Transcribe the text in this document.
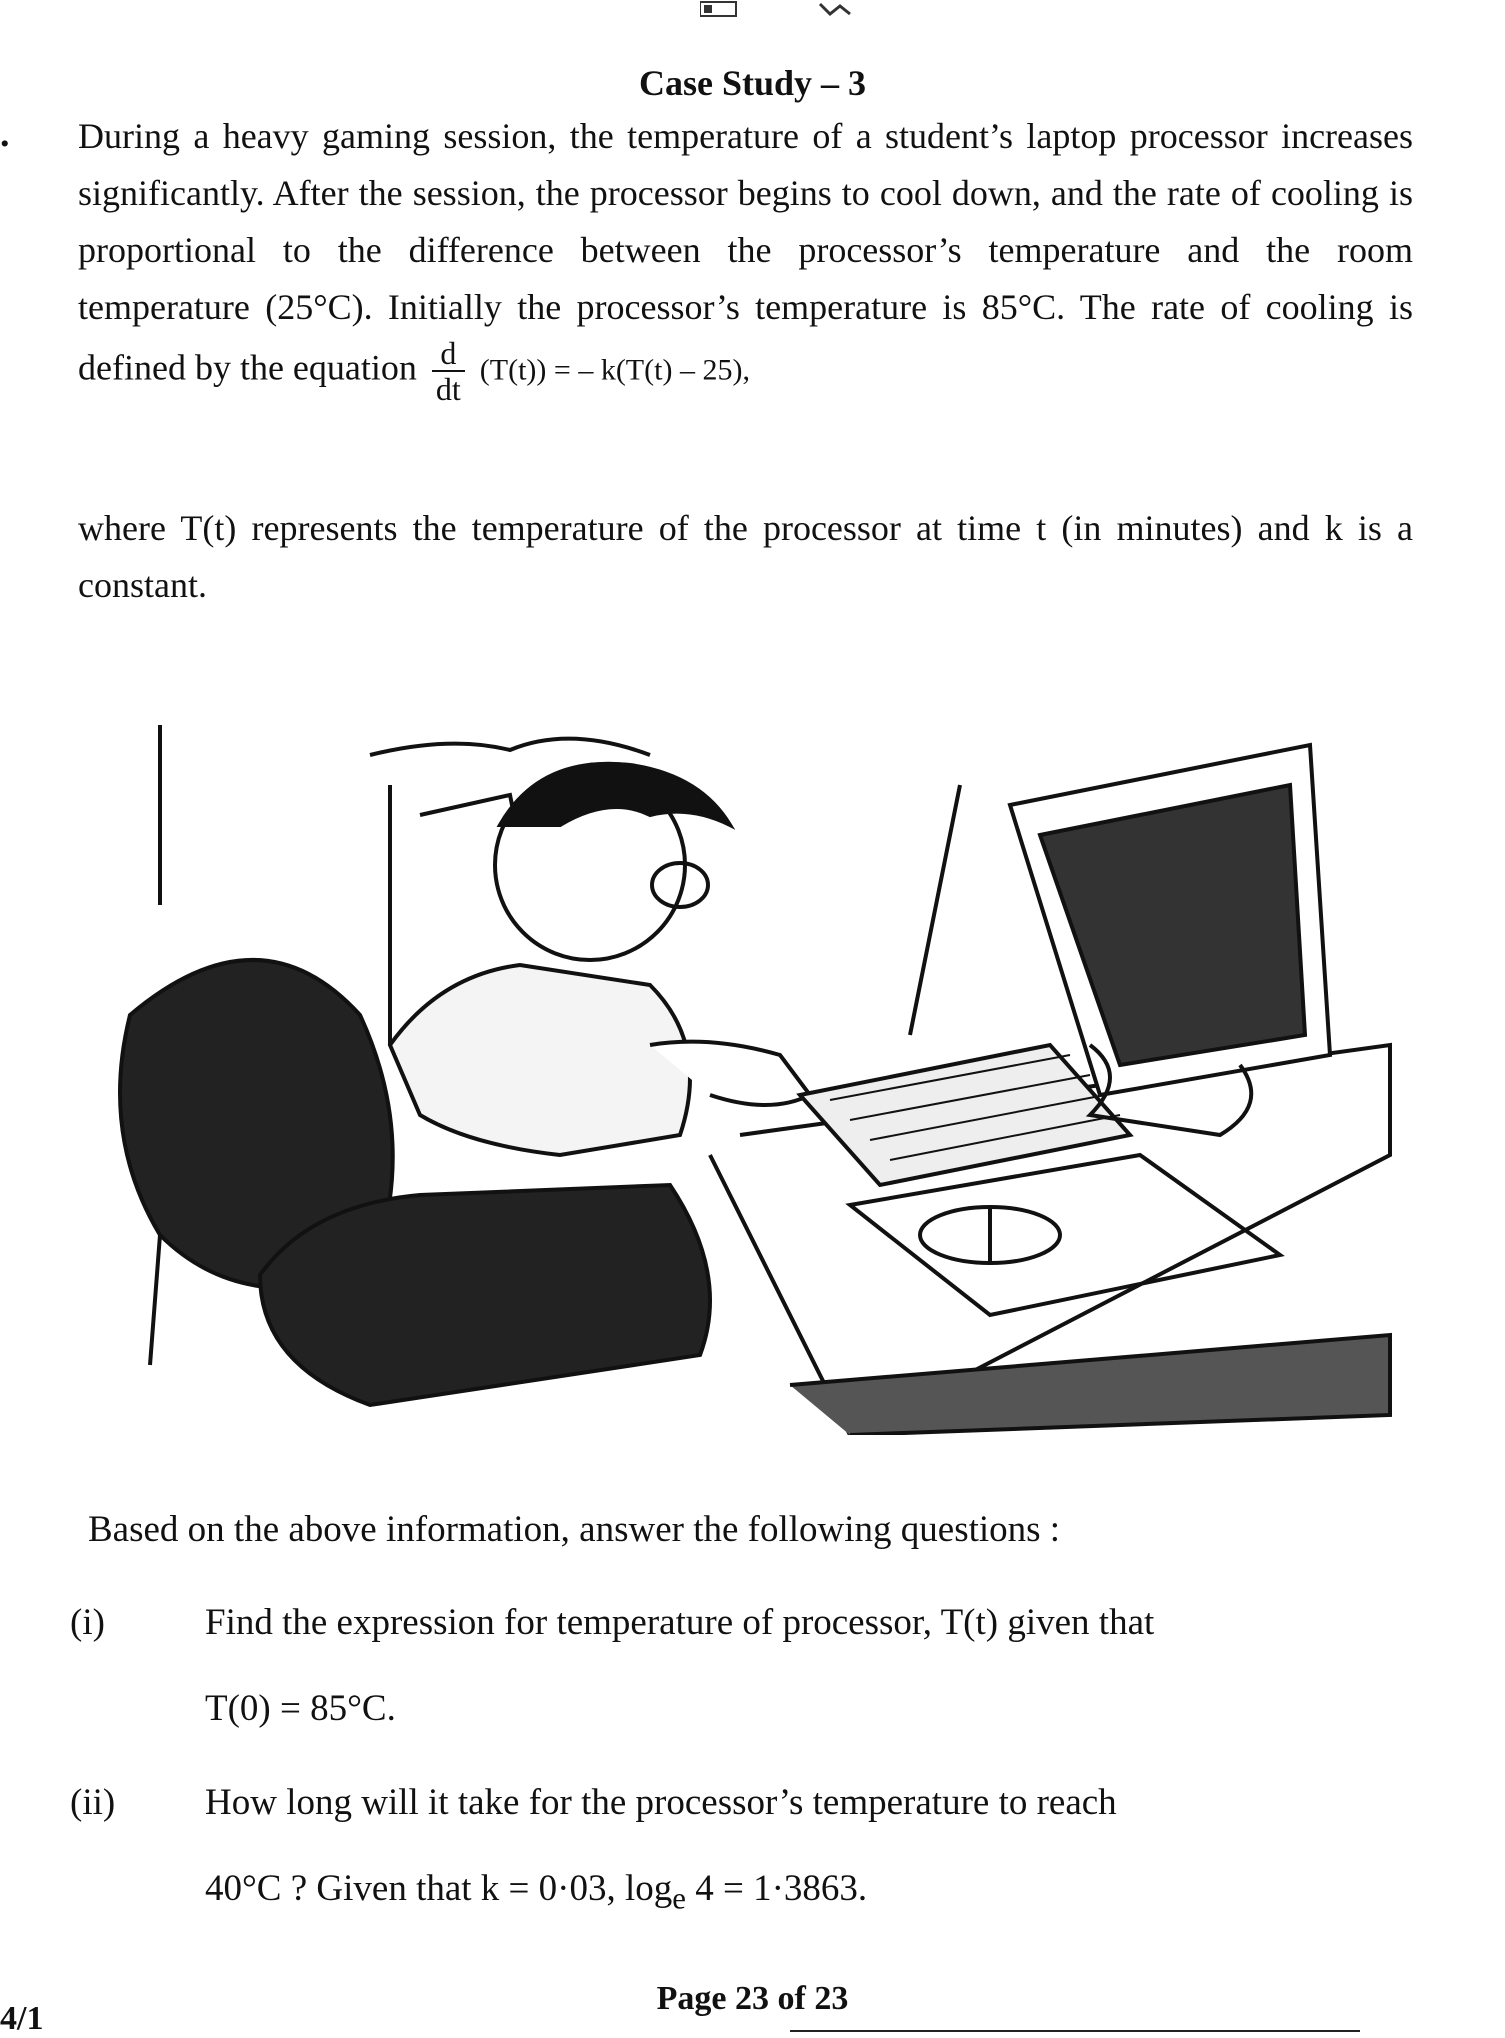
Case Study – 3
. During a heavy gaming session, the temperature of a student’s laptop processor increases significantly. After the session, the processor begins to cool down, and the rate of cooling is proportional to the difference between the processor’s temperature and the room temperature (25°C). Initially the processor’s temperature is 85°C. The rate of cooling is defined by the equation $\frac{d}{dt} (T(t))$ = – k(T(t) – 25),

where T(t) represents the temperature of the processor at time t (in minutes) and k is a constant.
Based on the above information, answer the following questions :
(i)	Find the expression for temperature of processor, T(t) given that
T(0) = 85°C.
(ii) How long will it take for the processor’s temperature to reach
40°C ? Given that k = 0·03, $\log_e 4 = 1\cdot 3863$.
Page 23 of 23
4/1
